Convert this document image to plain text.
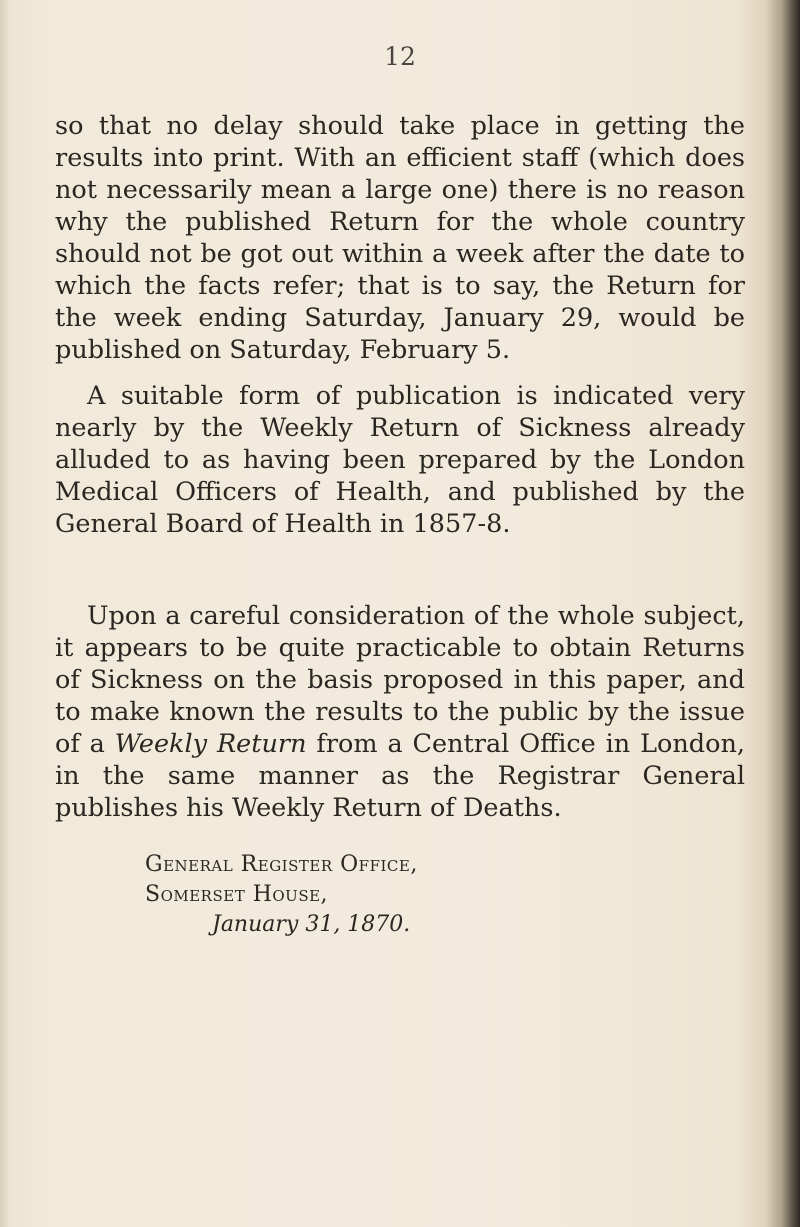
12

so that no delay should take place in getting the results into print. With an efficient staff (which does not necessarily mean a large one) there is no reason why the published Return for the whole country should not be got out within a week after the date to which the facts refer; that is to say, the Return for the week ending Saturday, January 29, would be published on Saturday, February 5.

A suitable form of publication is indicated very nearly by the Weekly Return of Sickness already alluded to as having been prepared by the London Medical Officers of Health, and published by the General Board of Health in 1857-8.

Upon a careful consideration of the whole subject, it appears to be quite practicable to obtain Returns of Sickness on the basis proposed in this paper, and to make known the results to the public by the issue of a Weekly Return from a Central Office in London, in the same manner as the Registrar General publishes his Weekly Return of Deaths.

General Register Office,
Somerset House,
January 31, 1870.
